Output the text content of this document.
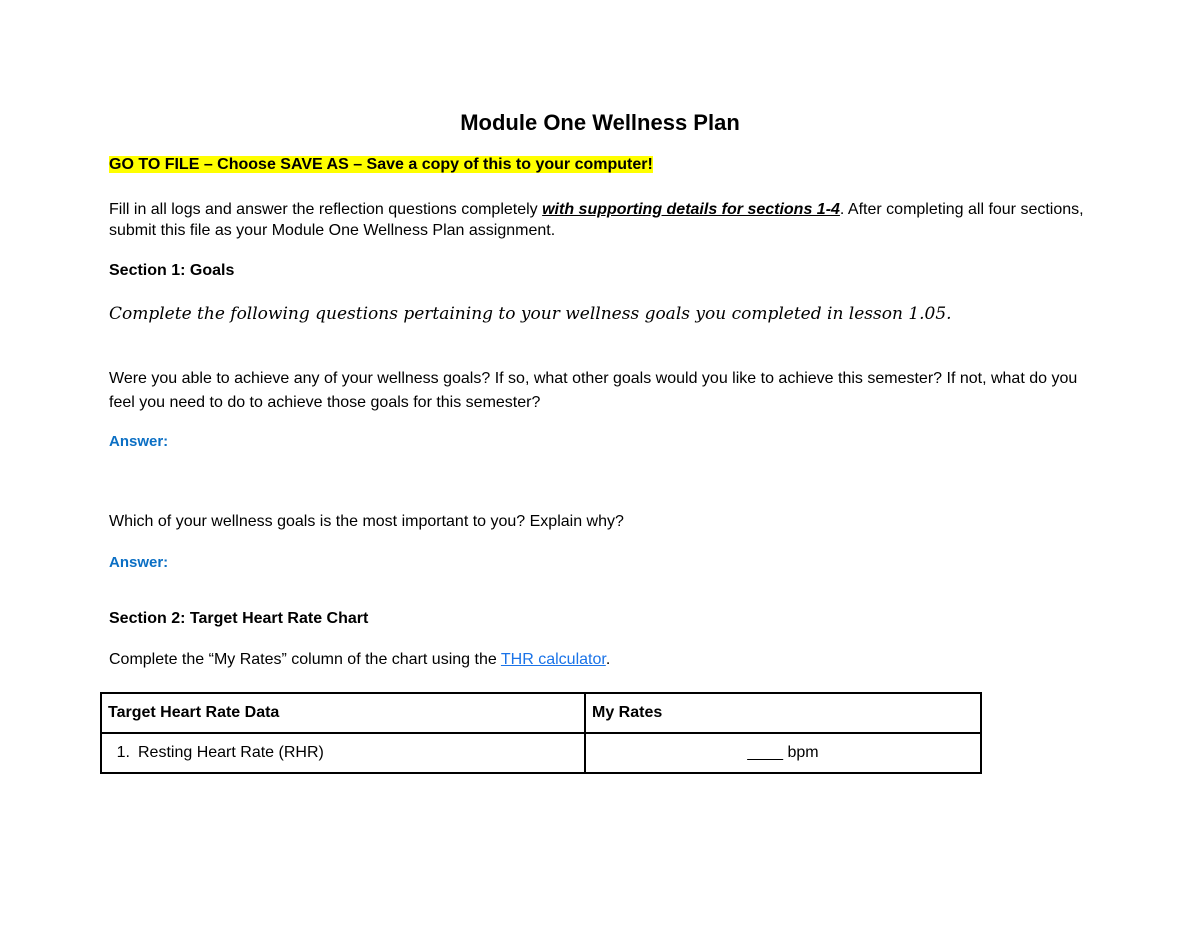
Module One Wellness Plan
GO TO FILE – Choose SAVE AS – Save a copy of this to your computer!
Fill in all logs and answer the reflection questions completely with supporting details for sections 1-4. After completing all four sections, submit this file as your Module One Wellness Plan assignment.
Section 1: Goals
Complete the following questions pertaining to your wellness goals you completed in lesson 1.05.
Were you able to achieve any of your wellness goals? If so, what other goals would you like to achieve this semester? If not, what do you feel you need to do to achieve those goals for this semester?
Answer:
Which of your wellness goals is the most important to you? Explain why?
Answer:
Section 2: Target Heart Rate Chart
Complete the “My Rates” column of the chart using the THR calculator.
Target Heart Rate Data	My Rates
1. Resting Heart Rate (RHR)	____ bpm
